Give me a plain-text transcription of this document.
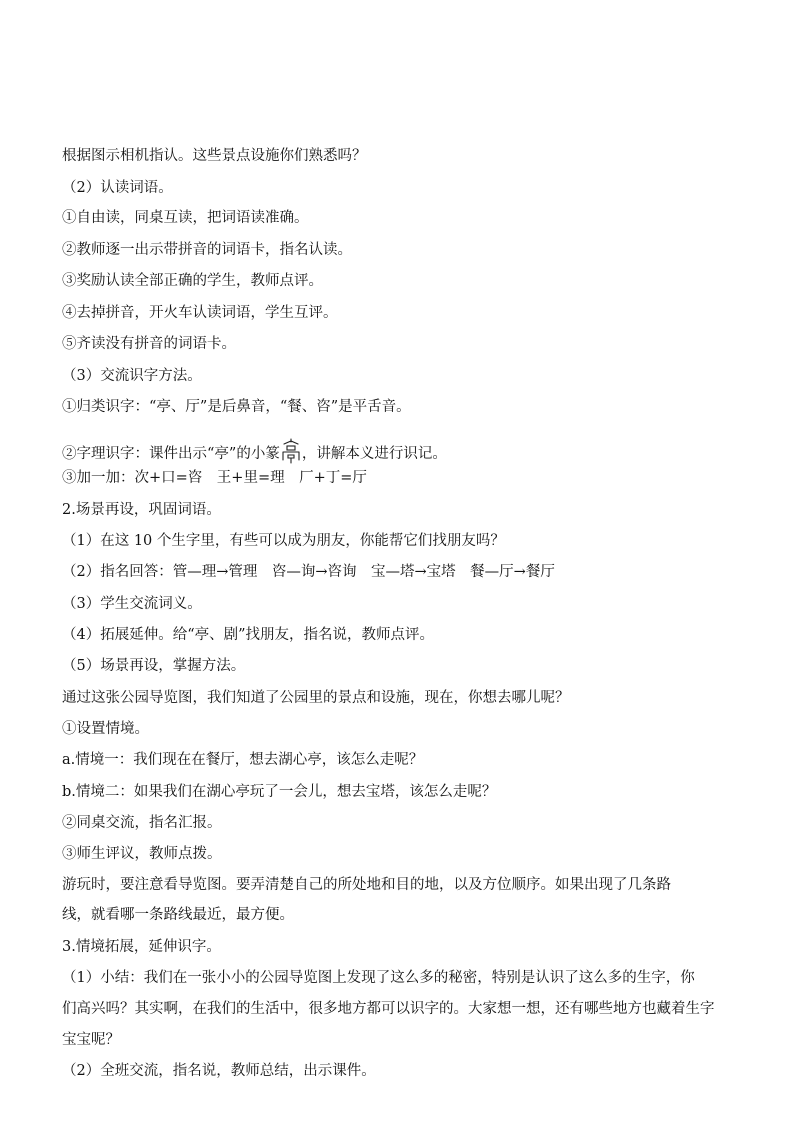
根据图示相机指认。这些景点设施你们熟悉吗？
（2）认读词语。
①自由读，同桌互读，把词语读准确。
②教师逐一出示带拼音的词语卡，指名认读。
③奖励认读全部正确的学生，教师点评。
④去掉拼音，开火车认读词语，学生互评。
⑤齐读没有拼音的词语卡。
（3）交流识字方法。
①归类识字：“亭、厅”是后鼻音，“餐、咨”是平舌音。
②字理识字：课件出示“亭”的小篆 ，讲解本义进行识记。
③加一加：次+口=咨　王+里=理　厂+丁=厅
2.场景再设，巩固词语。
（1）在这 10 个生字里，有些可以成为朋友，你能帮它们找朋友吗？
（2）指名回答：管—理→管理　咨—询→咨询　宝—塔→宝塔　餐—厅→餐厅
（3）学生交流词义。
（4）拓展延伸。给“亭、剧”找朋友，指名说，教师点评。
（5）场景再设，掌握方法。
通过这张公园导览图，我们知道了公园里的景点和设施，现在，你想去哪儿呢？
①设置情境。
a.情境一：我们现在在餐厅，想去湖心亭，该怎么走呢？
b.情境二：如果我们在湖心亭玩了一会儿，想去宝塔，该怎么走呢？
②同桌交流，指名汇报。
③师生评议，教师点拨。
游玩时，要注意看导览图。要弄清楚自己的所处地和目的地，以及方位顺序。如果出现了几条路
线，就看哪一条路线最近，最方便。
3.情境拓展，延伸识字。
（1）小结：我们在一张小小的公园导览图上发现了这么多的秘密，特别是认识了这么多的生字，你
们高兴吗？其实啊，在我们的生活中，很多地方都可以识字的。大家想一想，还有哪些地方也藏着生字
宝宝呢？
（2）全班交流，指名说，教师总结，出示课件。
